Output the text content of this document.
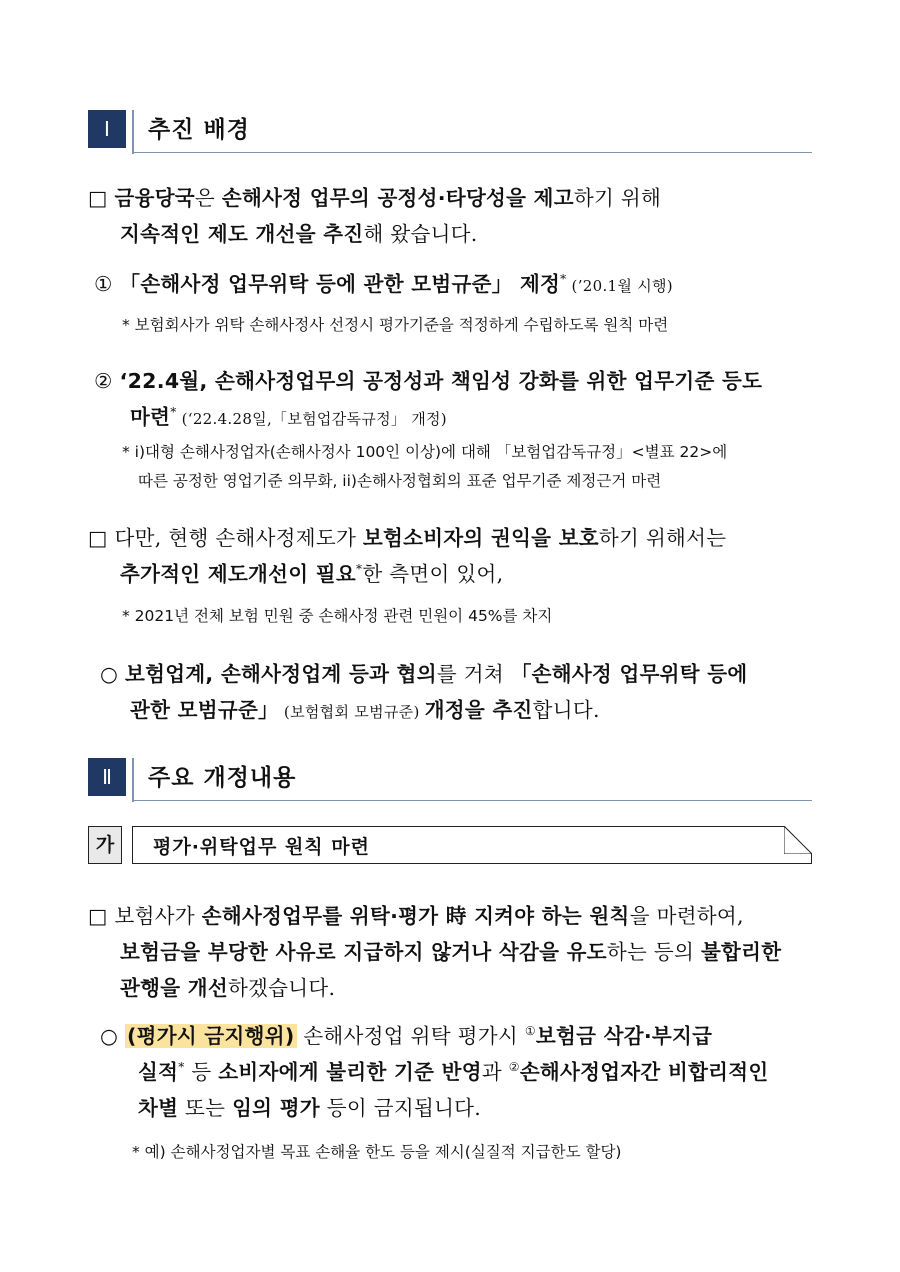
Ⅰ	추진 배경
□ 금융당국은 손해사정 업무의 공정성·타당성을 제고하기 위해
지속적인 제도 개선을 추진해 왔습니다.
① 「손해사정 업무위탁 등에 관한 모범규준」 제정* (’20.1월 시행)
* 보험회사가 위탁 손해사정사 선정시 평가기준을 적정하게 수립하도록 원칙 마련
② ‘22.4월, 손해사정업무의 공정성과 책임성 강화를 위한 업무기준 등도
마련* (‘22.4.28일,「보험업감독규정」 개정)
* i)대형 손해사정업자(손해사정사 100인 이상)에 대해 「보험업감독규정」<별표 22>에
따른 공정한 영업기준 의무화, ii)손해사정협회의 표준 업무기준 제정근거 마련
□ 다만, 현행 손해사정제도가 보험소비자의 권익을 보호하기 위해서는
추가적인 제도개선이 필요*한 측면이 있어,
* 2021년 전체 보험 민원 중 손해사정 관련 민원이 45%를 차지
○ 보험업계, 손해사정업계 등과 협의를 거쳐 「손해사정 업무위탁 등에
관한 모범규준」 (보험협회 모범규준) 개정을 추진합니다.
Ⅱ	주요 개정내용
가	평가·위탁업무 원칙 마련
□ 보험사가 손해사정업무를 위탁·평가 時 지켜야 하는 원칙을 마련하여,
보험금을 부당한 사유로 지급하지 않거나 삭감을 유도하는 등의 불합리한
관행을 개선하겠습니다.
○ (평가시 금지행위) 손해사정업 위탁 평가시 ①보험금 삭감·부지급
실적* 등 소비자에게 불리한 기준 반영과 ②손해사정업자간 비합리적인
차별 또는 임의 평가 등이 금지됩니다.
* 예) 손해사정업자별 목표 손해율 한도 등을 제시(실질적 지급한도 할당)
